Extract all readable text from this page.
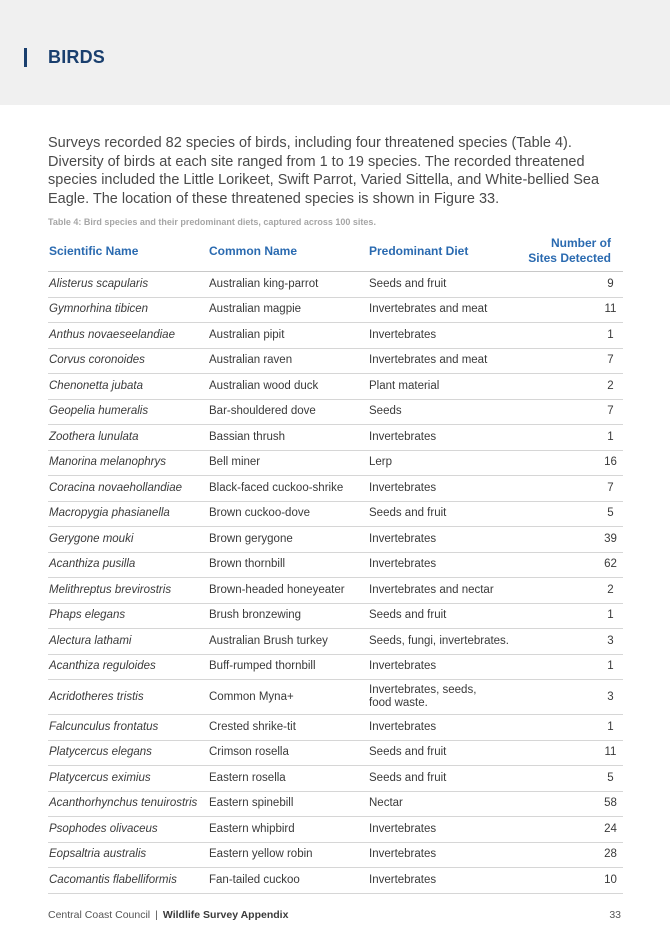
BIRDS

Surveys recorded 82 species of birds, including four threatened species (Table 4). Diversity of birds at each site ranged from 1 to 19 species. The recorded threatened species included the Little Lorikeet, Swift Parrot, Varied Sittella, and White-bellied Sea Eagle. The location of these threatened species is shown in Figure 33.

Table 4: Bird species and their predominant diets, captured across 100 sites.
Scientific Name	Common Name	Predominant Diet	Number of
Sites Detected
Alisterus scapularis	Australian king-parrot	Seeds and fruit	9
Gymnorhina tibicen	Australian magpie	Invertebrates and meat	11
Anthus novaeseelandiae	Australian pipit	Invertebrates	1
Corvus coronoides	Australian raven	Invertebrates and meat	7
Chenonetta jubata	Australian wood duck	Plant material	2
Geopelia humeralis	Bar-shouldered dove	Seeds	7
Zoothera lunulata	Bassian thrush	Invertebrates	1
Manorina melanophrys	Bell miner	Lerp	16
Coracina novaehollandiae	Black-faced cuckoo-shrike	Invertebrates	7
Macropygia phasianella	Brown cuckoo-dove	Seeds and fruit	5
Gerygone mouki	Brown gerygone	Invertebrates	39
Acanthiza pusilla	Brown thornbill	Invertebrates	62
Melithreptus brevirostris	Brown-headed honeyeater	Invertebrates and nectar	2
Phaps elegans	Brush bronzewing	Seeds and fruit	1
Alectura lathami	Australian Brush turkey	Seeds, fungi, invertebrates.	3
Acanthiza reguloides	Buff-rumped thornbill	Invertebrates	1
Acridotheres tristis	Common Myna+	Invertebrates, seeds,
food waste.	3
Falcunculus frontatus	Crested shrike-tit	Invertebrates	1
Platycercus elegans	Crimson rosella	Seeds and fruit	11
Platycercus eximius	Eastern rosella	Seeds and fruit	5
Acanthorhynchus tenuirostris	Eastern spinebill	Nectar	58
Psophodes olivaceus	Eastern whipbird	Invertebrates	24
Eopsaltria australis	Eastern yellow robin	Invertebrates	28
Cacomantis flabelliformis	Fan-tailed cuckoo	Invertebrates	10
Central Coast Council | Wildlife Survey Appendix	33
